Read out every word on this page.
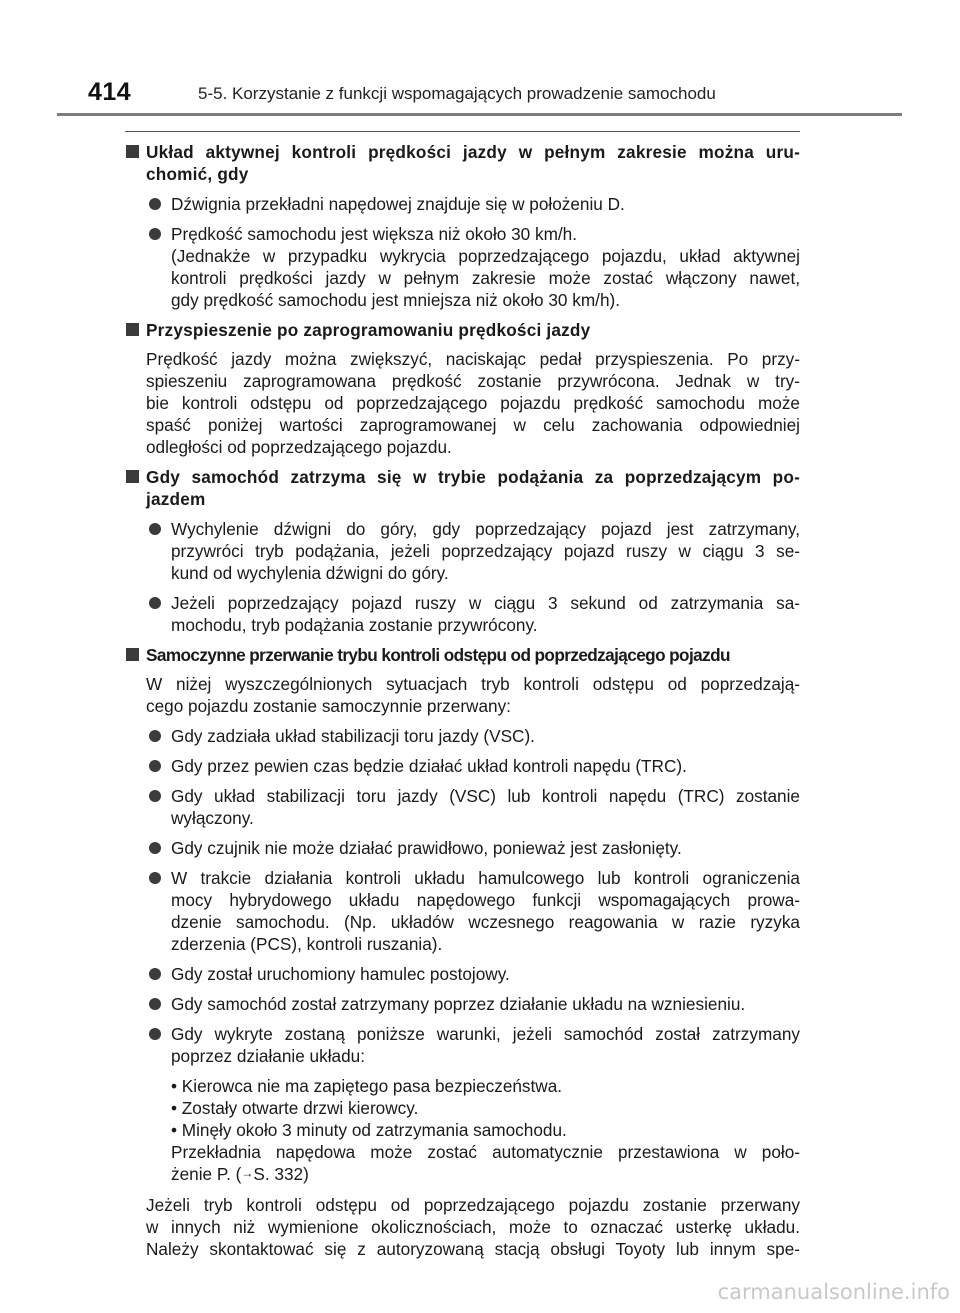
414	5-5. Korzystanie z funkcji wspomagających prowadzenie samochodu
Układ aktywnej kontroli prędkości jazdy w pełnym zakresie można uru-
chomić, gdy
Dźwignia przekładni napędowej znajduje się w położeniu D.
Prędkość samochodu jest większa niż około 30 km/h.
(Jednakże w przypadku wykrycia poprzedzającego pojazdu, układ aktywnej
kontroli prędkości jazdy w pełnym zakresie może zostać włączony nawet,
gdy prędkość samochodu jest mniejsza niż około 30 km/h).
Przyspieszenie po zaprogramowaniu prędkości jazdy
Prędkość jazdy można zwiększyć, naciskając pedał przyspieszenia. Po przy-
spieszeniu zaprogramowana prędkość zostanie przywrócona. Jednak w try-
bie kontroli odstępu od poprzedzającego pojazdu prędkość samochodu może
spaść poniżej wartości zaprogramowanej w celu zachowania odpowiedniej
odległości od poprzedzającego pojazdu.
Gdy samochód zatrzyma się w trybie podążania za poprzedzającym po-
jazdem
Wychylenie dźwigni do góry, gdy poprzedzający pojazd jest zatrzymany,
przywróci tryb podążania, jeżeli poprzedzający pojazd ruszy w ciągu 3 se-
kund od wychylenia dźwigni do góry.
Jeżeli poprzedzający pojazd ruszy w ciągu 3 sekund od zatrzymania sa-
mochodu, tryb podążania zostanie przywrócony.
Samoczynne przerwanie trybu kontroli odstępu od poprzedzającego pojazdu
W niżej wyszczególnionych sytuacjach tryb kontroli odstępu od poprzedzają-
cego pojazdu zostanie samoczynnie przerwany:
Gdy zadziała układ stabilizacji toru jazdy (VSC).
Gdy przez pewien czas będzie działać układ kontroli napędu (TRC).
Gdy układ stabilizacji toru jazdy (VSC) lub kontroli napędu (TRC) zostanie
wyłączony.
Gdy czujnik nie może działać prawidłowo, ponieważ jest zasłonięty.
W trakcie działania kontroli układu hamulcowego lub kontroli ograniczenia
mocy hybrydowego układu napędowego funkcji wspomagających prowa-
dzenie samochodu. (Np. układów wczesnego reagowania w razie ryzyka
zderzenia (PCS), kontroli ruszania).
Gdy został uruchomiony hamulec postojowy.
Gdy samochód został zatrzymany poprzez działanie układu na wzniesieniu.
Gdy wykryte zostaną poniższe warunki, jeżeli samochód został zatrzymany
poprzez działanie układu:
• Kierowca nie ma zapiętego pasa bezpieczeństwa.
• Zostały otwarte drzwi kierowcy.
• Minęły około 3 minuty od zatrzymania samochodu.
Przekładnia napędowa może zostać automatycznie przestawiona w poło-
żenie P. (→S. 332)
Jeżeli tryb kontroli odstępu od poprzedzającego pojazdu zostanie przerwany
w innych niż wymienione okolicznościach, może to oznaczać usterkę układu.
Należy skontaktować się z autoryzowaną stacją obsługi Toyoty lub innym spe-
carmanualsonline.info
